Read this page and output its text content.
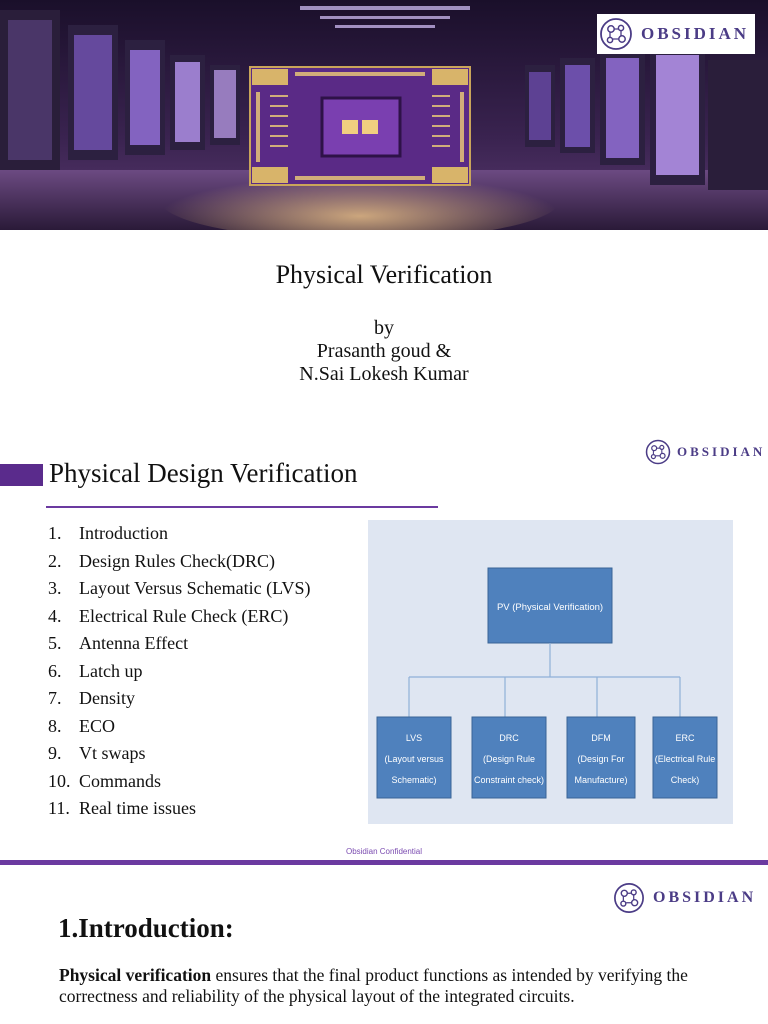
OBSIDIAN
Physical Verification
by
Prasanth goud &
N.Sai Lokesh Kumar
OBSIDIAN
Physical Design Verification
1. Introduction
2. Design Rules Check(DRC)
3. Layout Versus Schematic (LVS)
4. Electrical Rule Check (ERC)
5. Antenna Effect
6. Latch up
7. Density
8. ECO
9. Vt swaps
10. Commands
11. Real time issues
PV (Physical Verification)
LVS
(Layout versus
Schematic)
DRC
(Design Rule
Constraint check)
DFM
(Design For
Manufacture)
ERC
(Electrical Rule
Check)
Obsidian Confidential
OBSIDIAN
1.Introduction:

Physical verification ensures that the final product functions as intended by verifying the correctness and reliability of the physical layout of the integrated circuits.
